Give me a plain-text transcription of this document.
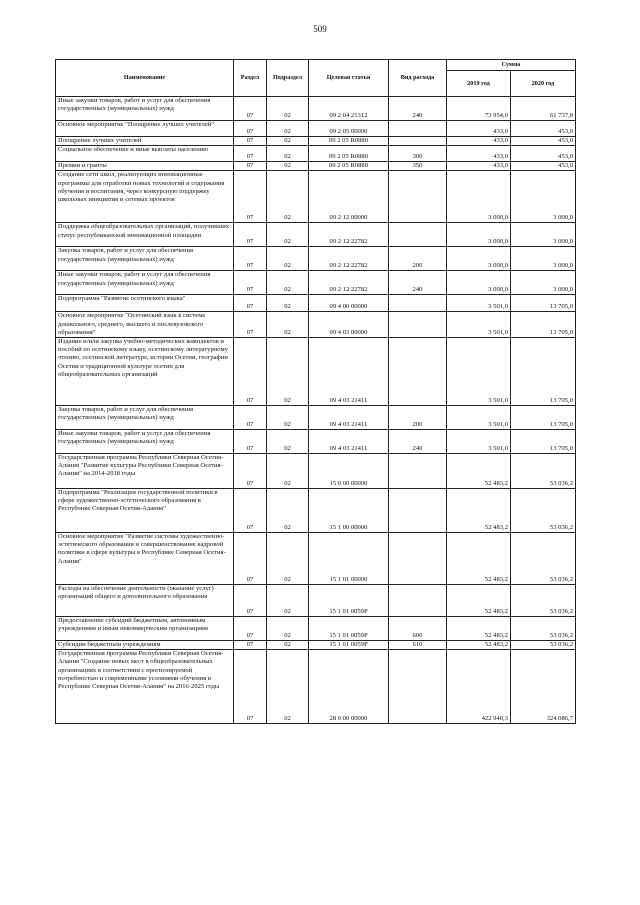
509
Наименование	Раздел	Подраздел	Целевая статья	Вид расхода	Сумма	
					2019 год	2020 год
Иные закупки товаров, работ и услуг для обеспечения государственных (муниципальных) нужд	07	02	09 2 04 21312	240	73 954,0	61 737,8
Основное мероприятие "Поощрение лучших учителей"	07	02	09 2 05 00000		433,0	453,0
Поощрение лучших учителей	07	02	09 2 05 R0880		433,0	453,0
Социальное обеспечение и иные выплаты населению	07	02	09 2 05 R0880	300	433,0	453,0
Премии и гранты	07	02	09 2 05 R0880	350	433,0	453,0
Создание сети школ, реализующих инновационные программы для отработки новых технологий и содержания обучения и воспитания, через конкурсную поддержку школьных инициатив и сетевых проектов	07	02	09 2 12 00000		3 000,0	3 000,0
Поддержка общеобразовательных организаций, получивших статус республиканской инновационной площадки	07	02	09 2 12 22782		3 000,0	3 000,0
Закупка товаров, работ и услуг для обеспечения государственных (муниципальных) нужд	07	02	09 2 12 22782	200	3 000,0	3 000,0
Иные закупки товаров, работ и услуг для обеспечения государственных (муниципальных) нужд	07	02	09 2 12 22782	240	3 000,0	3 000,0
Подпрограмма "Развитие осетинского языка"	07	02	09 4 00 00000		3 501,0	13 705,0
Основное мероприятие "Осетинский язык в системе дошкольного, среднего, высшего и послевузовского образования"	07	02	09 4 03 00000		3 501,0	13 705,0
Издание и/или закупка учебно-методических комплектов и пособий по осетинскому языку, осетинскому литературному чтению, осетинской литературе, истории Осетии, географии Осетии и традиционной культуре осетин для общеобразовательных организаций	07	02	09 4 03 21411		3 501,0	13 705,0
Закупка товаров, работ и услуг для обеспечения государственных (муниципальных) нужд	07	02	09 4 03 21411	200	3 501,0	13 705,0
Иные закупки товаров, работ и услуг для обеспечения государственных (муниципальных) нужд	07	02	09 4 03 21411	240	3 501,0	13 705,0
Государственная программа Республики Северная Осетия-Алания "Развитие культуры Республики Северная Осетия-Алания" на 2014-2018 годы	07	02	15 0 00 00000		52 483,2	53 036,2
Подпрограмма "Реализация государственной политики в сфере художественно-эстетического образования в Республике Северная Осетия-Алания"	07	02	15 1 00 00000		52 483,2	53 036,2
Основное мероприятие "Развитие системы художественно-эстетического образования и совершенствование кадровой политики в сфере культуры в Республике Северная Осетия-Алания"	07	02	15 1 01 00000		52 483,2	53 036,2
Расходы на обеспечение деятельности (оказание услуг) организаций общего и дополнительного образования	07	02	15 1 01 0059Р		52 483,2	53 036,2
Предоставление субсидий бюджетным, автономным учреждениям и иным некоммерческим организациям	07	02	15 1 01 0059Р	600	52 483,2	53 036,2
Субсидии бюджетным учреждениям	07	02	15 1 01 0059Р	610	52 483,2	53 036,2
Государственная программа Республики Северная Осетия-Алания "Создание новых мест в общеобразовательных организациях в соответствии с прогнозируемой потребностью и современными условиями обучения в Республике Северная Осетия-Алания" на 2016-2025 годы	07	02	28 0 00 00000		422 940,3	324 086,7
